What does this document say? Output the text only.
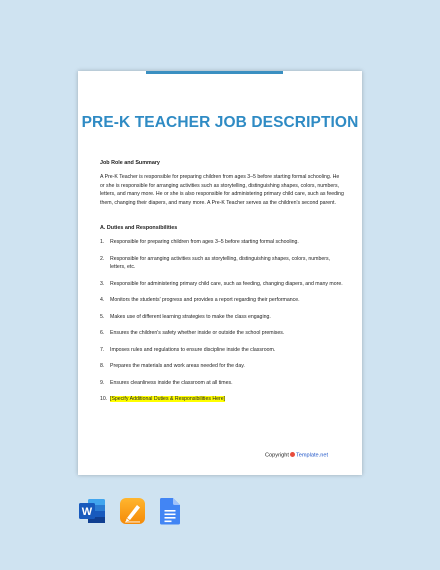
PRE-K TEACHER JOB DESCRIPTION

Job Role and Summary

A Pre-K Teacher is responsible for preparing children from ages 3–5 before starting formal schooling. He or she is responsible for arranging activities such as storytelling, distinguishing shapes, colors, numbers, letters, and many more. He or she is also responsible for administering primary child care, such as feeding them, changing their diapers, and many more. A Pre-K Teacher serves as the children's second parent.

A. Duties and Responsibilities

1.	Responsible for preparing children from ages 3–5 before starting formal schooling.
2.	Responsible for arranging activities such as storytelling, distinguishing shapes, colors, numbers, letters, etc.
3.	Responsible for administering primary child care, such as feeding, changing diapers, and many more.
4.	Monitors the students' progress and provides a report regarding their performance.
5.	Makes use of different learning strategies to make the class engaging.
6.	Ensures the children's safety whether inside or outside the school premises.
7.	Imposes rules and regulations to ensure discipline inside the classroom.
8.	Prepares the materials and work areas needed for the day.
9.	Ensures cleanliness inside the classroom at all times.
10. [Specify Additional Duties & Responsibilities Here]
Copyright Template.net
W
